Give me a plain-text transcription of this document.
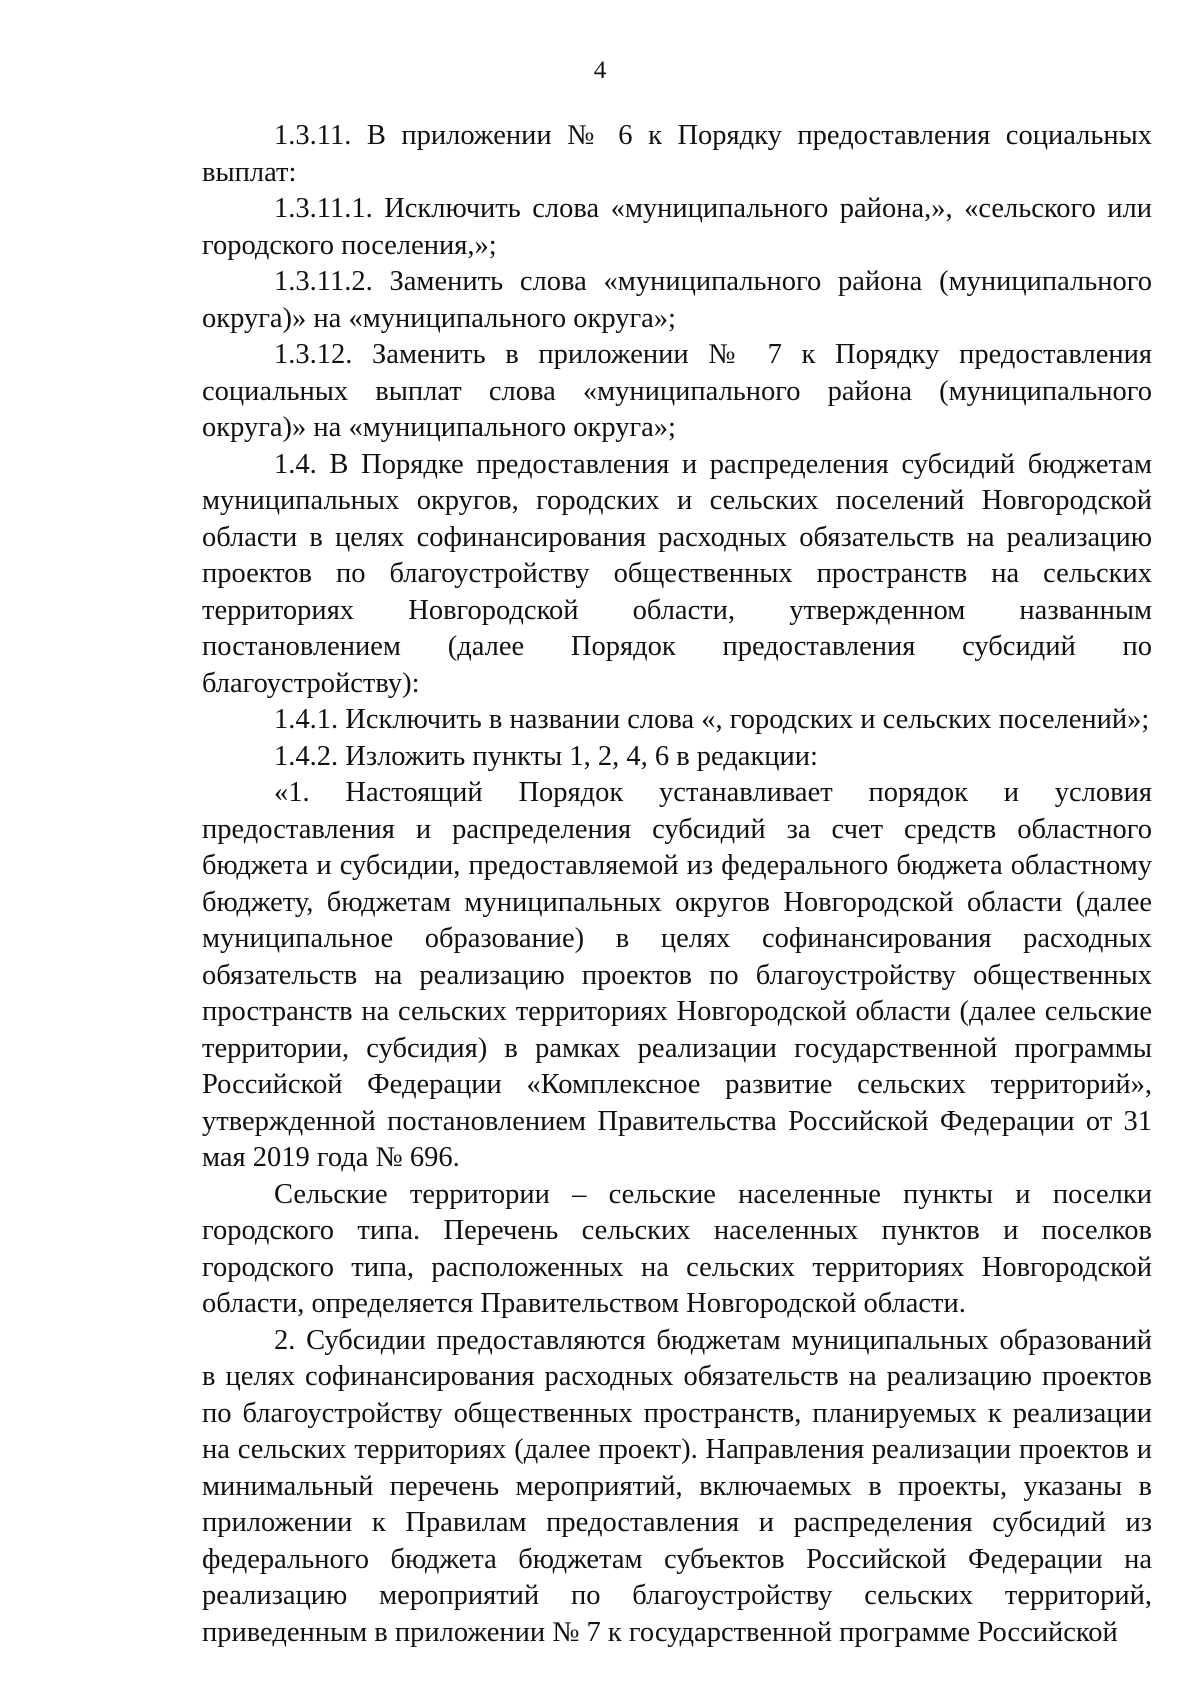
4

1.3.11. В приложении № 6 к Порядку предоставления социальных выплат:

1.3.11.1. Исключить слова «муниципального района,», «сельского или городского поселения,»;

1.3.11.2. Заменить слова «муниципального района (муниципального округа)» на «муниципального округа»;

1.3.12. Заменить в приложении № 7 к Порядку предоставления социальных выплат слова «муниципального района (муниципального округа)» на «муниципального округа»;

1.4. В Порядке предоставления и распределения субсидий бюджетам муниципальных округов, городских и сельских поселений Новгородской области в целях софинансирования расходных обязательств на реализацию проектов по благоустройству общественных пространств на сельских территориях Новгородской области, утвержденном названным постановлением (далее Порядок предоставления субсидий по благоустройству):

1.4.1. Исключить в названии слова «, городских и сельских поселений»;

1.4.2. Изложить пункты 1, 2, 4, 6 в редакции:

«1. Настоящий Порядок устанавливает порядок и условия предоставления и распределения субсидий за счет средств областного бюджета и субсидии, предоставляемой из федерального бюджета областному бюджету, бюджетам муниципальных округов Новгородской области (далее муниципальное образование) в целях софинансирования расходных обязательств на реализацию проектов по благоустройству общественных пространств на сельских территориях Новгородской области (далее сельские территории, субсидия) в рамках реализации государственной программы Российской Федерации «Комплексное развитие сельских территорий», утвержденной постановлением Правительства Российской Федерации от 31 мая 2019 года № 696.

Сельские территории – сельские населенные пункты и поселки городского типа. Перечень сельских населенных пунктов и поселков городского типа, расположенных на сельских территориях Новгородской области, определяется Правительством Новгородской области.

2. Субсидии предоставляются бюджетам муниципальных образований в целях софинансирования расходных обязательств на реализацию проектов по благоустройству общественных пространств, планируемых к реализации на сельских территориях (далее проект). Направления реализации проектов и минимальный перечень мероприятий, включаемых в проекты, указаны в приложении к Правилам предоставления и распределения субсидий из федерального бюджета бюджетам субъектов Российской Федерации на реализацию мероприятий по благоустройству сельских территорий, приведенным в приложении № 7 к государственной программе Российской
